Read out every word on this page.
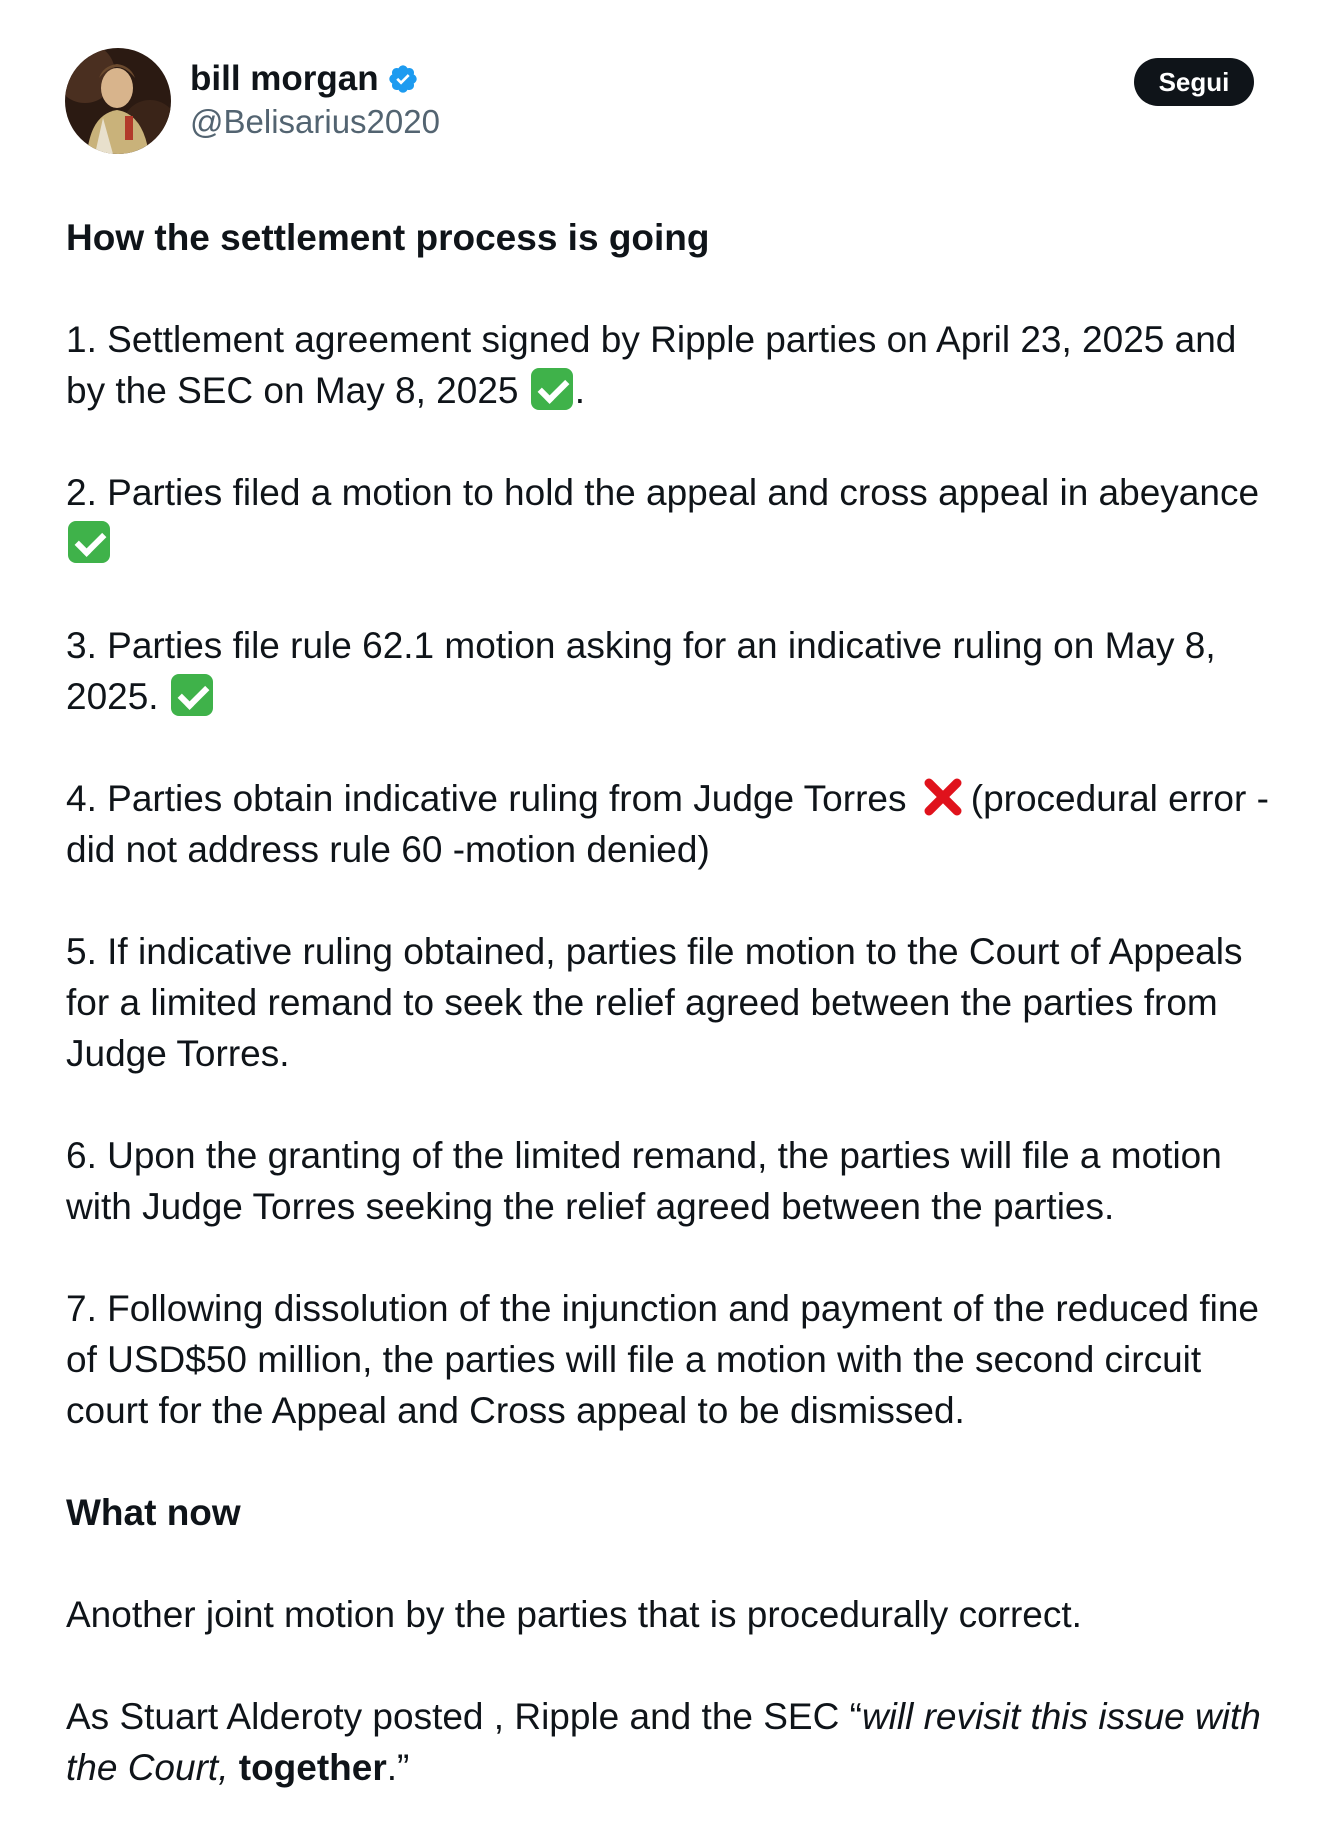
bill morgan
@Belisarius2020
Segui

How the settlement process is going

1. Settlement agreement signed by Ripple parties on April 23, 2025 and by the SEC on May 8, 2025 .

2. Parties filed a motion to hold the appeal and cross appeal in abeyance

3. Parties file rule 62.1 motion asking for an indicative ruling on May 8, 2025.

4. Parties obtain indicative ruling from Judge Torres (procedural error - did not address rule 60 -motion denied)

5. If indicative ruling obtained, parties file motion to the Court of Appeals for a limited remand to seek the relief agreed between the parties from Judge Torres.

6. Upon the granting of the limited remand, the parties will file a motion with Judge Torres seeking the relief agreed between the parties.

7. Following dissolution of the injunction and payment of the reduced fine of USD$50 million, the parties will file a motion with the second circuit court for the Appeal and Cross appeal to be dismissed.

What now

Another joint motion by the parties that is procedurally correct.

As Stuart Alderoty posted , Ripple and the SEC “will revisit this issue with the Court, together.”
